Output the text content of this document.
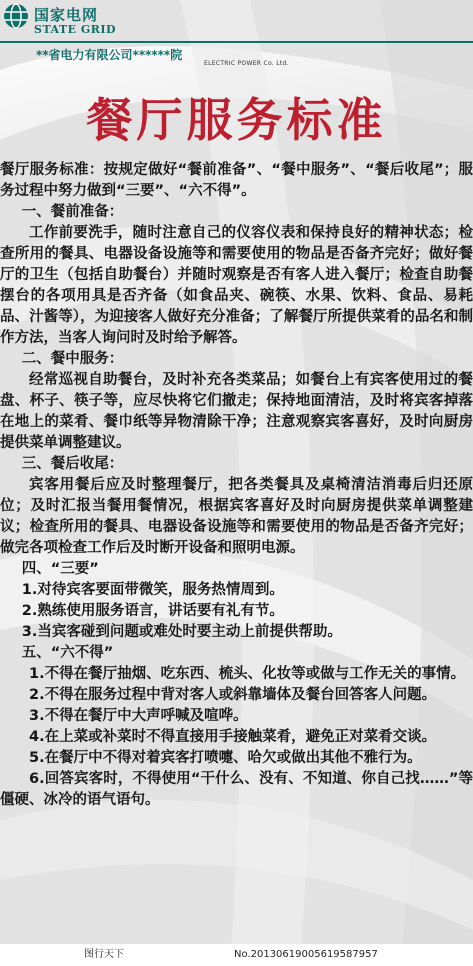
国家电网
STATE GRID
**省电力有限公司******院
ELECTRIC POWER Co. Ltd.
餐厅服务标准

餐厅服务标准：按规定做好“餐前准备”、“餐中服务”、“餐后收尾”；服务过程中努力做到“三要”、“六不得”。

一、餐前准备：

工作前要洗手，随时注意自己的仪容仪表和保持良好的精神状态；检查所用的餐具、电器设备设施等和需要使用的物品是否备齐完好；做好餐厅的卫生（包括自助餐台）并随时观察是否有客人进入餐厅；检查自助餐摆台的各项用具是否齐备（如食品夹、碗筷、水果、饮料、食品、易耗品、汁酱等），为迎接客人做好充分准备；了解餐厅所提供菜肴的品名和制作方法，当客人询问时及时给予解答。

二、餐中服务：

经常巡视自助餐台，及时补充各类菜品；如餐台上有宾客使用过的餐盘、杯子、筷子等，应尽快将它们撤走；保持地面清洁，及时将宾客掉落在地上的菜肴、餐巾纸等异物清除干净；注意观察宾客喜好，及时向厨房提供菜单调整建议。

三、餐后收尾：

宾客用餐后应及时整理餐厅，把各类餐具及桌椅清洁消毒后归还原位；及时汇报当餐用餐情况，根据宾客喜好及时向厨房提供菜单调整建议；检查所用的餐具、电器设备设施等和需要使用的物品是否备齐完好；做完各项检查工作后及时断开设备和照明电源。

四、“三要”

1.对待宾客要面带微笑，服务热情周到。

2.熟练使用服务语言，讲话要有礼有节。

3.当宾客碰到问题或难处时要主动上前提供帮助。

五、“六不得”

1.不得在餐厅抽烟、吃东西、梳头、化妆等或做与工作无关的事情。

2.不得在服务过程中背对客人或斜靠墙体及餐台回答客人问题。

3.不得在餐厅中大声呼喊及喧哗。

4.在上菜或补菜时不得直接用手接触菜肴，避免正对菜肴交谈。

5.在餐厅中不得对着宾客打喷嚏、哈欠或做出其他不雅行为。

6.回答宾客时，不得使用“干什么、没有、不知道、你自己找……”等僵硬、冰冷的语气语句。

图行天下	No.20130619005619587957
